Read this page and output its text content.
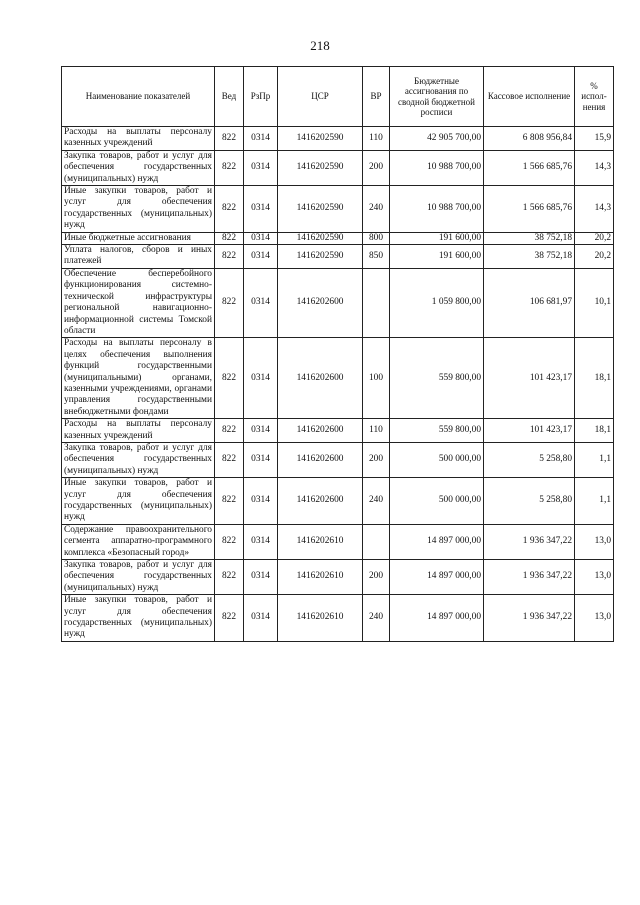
218
Наименование показателей	Вед	РзПр	ЦСР	ВР	Бюджетные ассигнования по сводной бюджетной росписи	Кассовое исполнение	% испол-нения
Расходы на выплаты персоналу казенных учреждений	822	0314	1416202590	110	42 905 700,00	6 808 956,84	15,9
Закупка товаров, работ и услуг для обеспечения государственных (муниципальных) нужд	822	0314	1416202590	200	10 988 700,00	1 566 685,76	14,3
Иные закупки товаров, работ и услуг для обеспечения государственных (муниципальных) нужд	822	0314	1416202590	240	10 988 700,00	1 566 685,76	14,3
Иные бюджетные ассигнования	822	0314	1416202590	800	191 600,00	38 752,18	20,2
Уплата налогов, сборов и иных платежей	822	0314	1416202590	850	191 600,00	38 752,18	20,2
Обеспечение бесперебойного функционирования системно-технической инфраструктуры региональной навигационно-информационной системы Томской области	822	0314	1416202600		1 059 800,00	106 681,97	10,1
Расходы на выплаты персоналу в целях обеспечения выполнения функций государственными (муниципальными) органами, казенными учреждениями, органами управления государственными внебюджетными фондами	822	0314	1416202600	100	559 800,00	101 423,17	18,1
Расходы на выплаты персоналу казенных учреждений	822	0314	1416202600	110	559 800,00	101 423,17	18,1
Закупка товаров, работ и услуг для обеспечения государственных (муниципальных) нужд	822	0314	1416202600	200	500 000,00	5 258,80	1,1
Иные закупки товаров, работ и услуг для обеспечения государственных (муниципальных) нужд	822	0314	1416202600	240	500 000,00	5 258,80	1,1
Содержание правоохранительного сегмента аппаратно-программного комплекса «Безопасный город»	822	0314	1416202610		14 897 000,00	1 936 347,22	13,0
Закупка товаров, работ и услуг для обеспечения государственных (муниципальных) нужд	822	0314	1416202610	200	14 897 000,00	1 936 347,22	13,0
Иные закупки товаров, работ и услуг для обеспечения государственных (муниципальных) нужд	822	0314	1416202610	240	14 897 000,00	1 936 347,22	13,0
